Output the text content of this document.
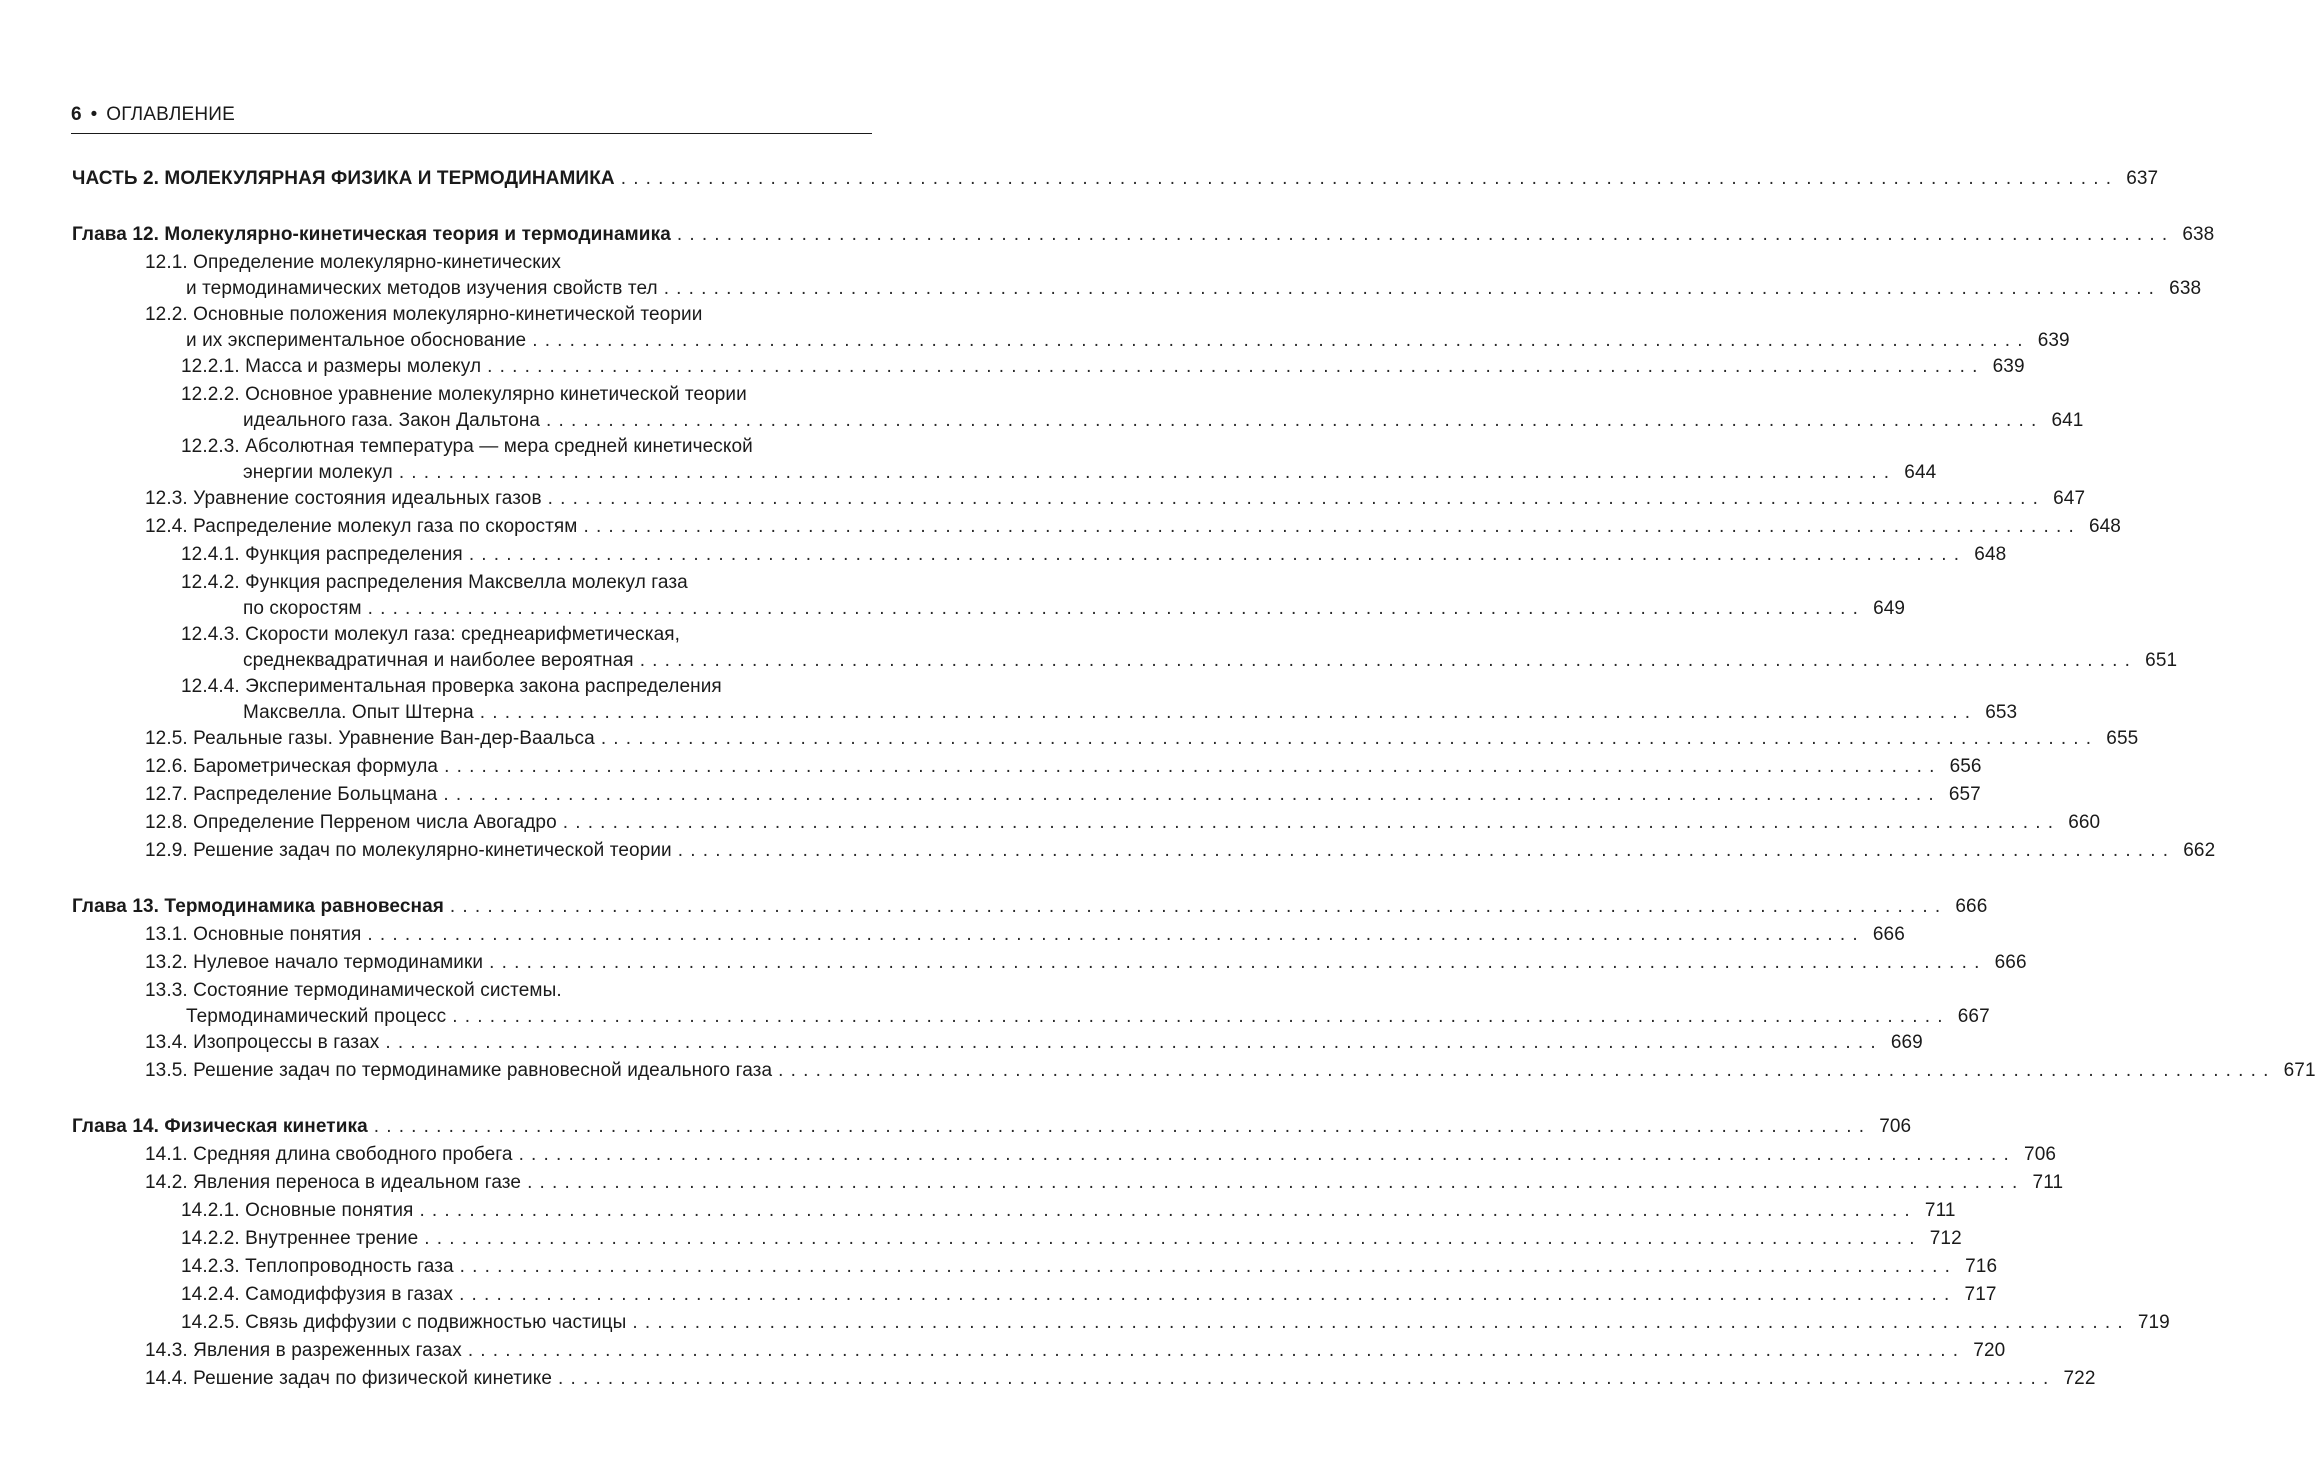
6 • ОГЛАВЛЕНИЕ
ЧАСТЬ 2. МОЛЕКУЛЯРНАЯ ФИЗИКА И ТЕРМОДИНАМИКА ........................................................................................................................ 637
Глава 12. Молекулярно-кинетическая теория и термодинамика ........................................................................................................................ 638
12.1. Определение молекулярно-кинетических
и термодинамических методов изучения свойств тел ........................................................................................................................ 638
12.2. Основные положения молекулярно-кинетической теории
и их экспериментальное обоснование ........................................................................................................................ 639
12.2.1. Масса и размеры молекул ........................................................................................................................ 639
12.2.2. Основное уравнение молекулярно кинетической теории
идеального газа. Закон Дальтона ........................................................................................................................ 641
12.2.3. Абсолютная температура — мера средней кинетической
энергии молекул ........................................................................................................................ 644
12.3. Уравнение состояния идеальных газов ........................................................................................................................ 647
12.4. Распределение молекул газа по скоростям ........................................................................................................................ 648
12.4.1. Функция распределения ........................................................................................................................ 648
12.4.2. Функция распределения Максвелла молекул газа
по скоростям ........................................................................................................................ 649
12.4.3. Скорости молекул газа: среднеарифметическая,
среднеквадратичная и наиболее вероятная ........................................................................................................................ 651
12.4.4. Экспериментальная проверка закона распределения
Максвелла. Опыт Штерна ........................................................................................................................ 653
12.5. Реальные газы. Уравнение Ван-дер-Ваальса ........................................................................................................................ 655
12.6. Барометрическая формула ........................................................................................................................ 656
12.7. Распределение Больцмана ........................................................................................................................ 657
12.8. Определение Перреном числа Авогадро ........................................................................................................................ 660
12.9. Решение задач по молекулярно-кинетической теории ........................................................................................................................ 662
Глава 13. Термодинамика равновесная ........................................................................................................................ 666
13.1. Основные понятия ........................................................................................................................ 666
13.2. Нулевое начало термодинамики ........................................................................................................................ 666
13.3. Состояние термодинамической системы.
Термодинамический процесс ........................................................................................................................ 667
13.4. Изопроцессы в газах ........................................................................................................................ 669
13.5. Решение задач по термодинамике равновесной идеального газа ........................................................................................................................ 671
Глава 14. Физическая кинетика ........................................................................................................................ 706
14.1. Средняя длина свободного пробега ........................................................................................................................ 706
14.2. Явления переноса в идеальном газе ........................................................................................................................ 711
14.2.1. Основные понятия ........................................................................................................................ 711
14.2.2. Внутреннее трение ........................................................................................................................ 712
14.2.3. Теплопроводность газа ........................................................................................................................ 716
14.2.4. Самодиффузия в газах ........................................................................................................................ 717
14.2.5. Связь диффузии с подвижностью частицы ........................................................................................................................ 719
14.3. Явления в разреженных газах ........................................................................................................................ 720
14.4. Решение задач по физической кинетике ........................................................................................................................ 722
